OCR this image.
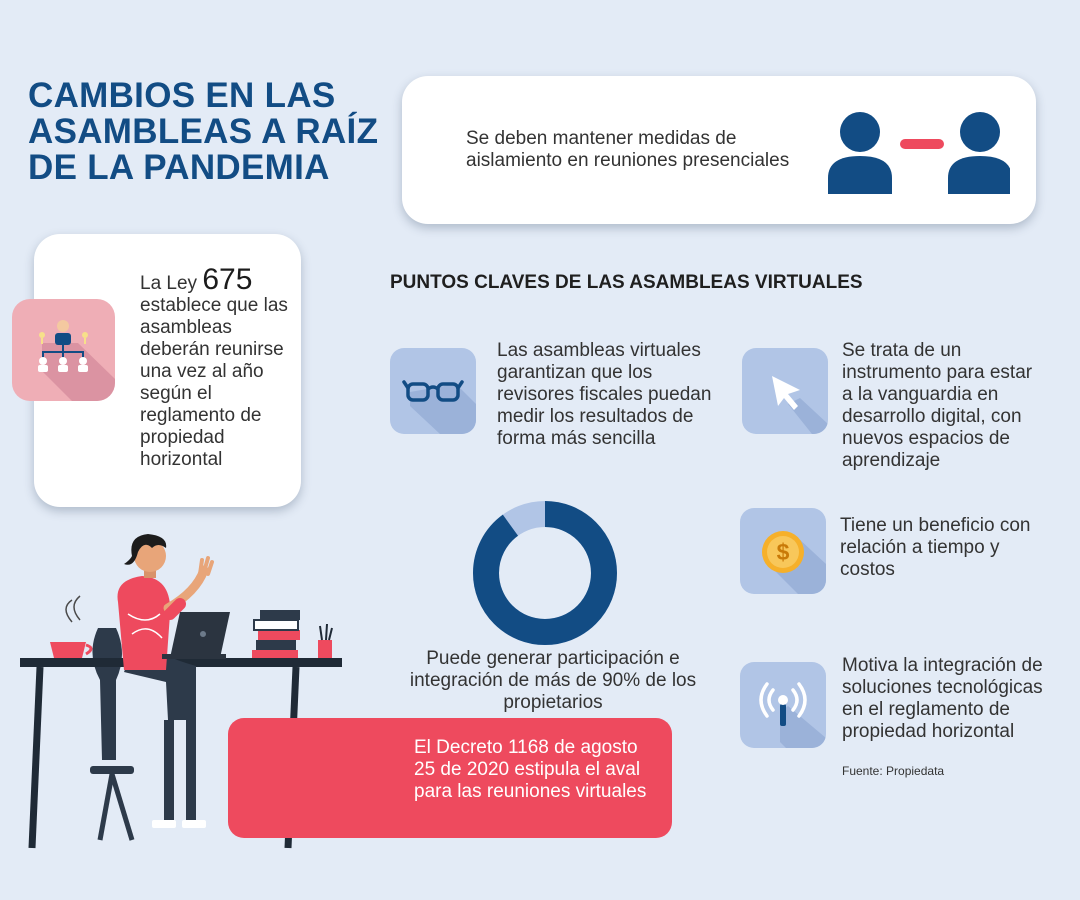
CAMBIOS EN LAS ASAMBLEAS A RAÍZ DE LA PANDEMIA
Se deben mantener medidas de aislamiento en reuniones presenciales
La Ley 675
establece que las asambleas deberán reunirse una vez al año según el reglamento de propiedad horizontal
PUNTOS CLAVES DE LAS ASAMBLEAS VIRTUALES
Las asambleas virtuales garantizan que los revisores fiscales puedan medir los resultados de forma más sencilla
Se trata de un instrumento para estar a la vanguardia en desarrollo digital, con nuevos espacios de aprendizaje
$
Tiene un beneficio con relación a tiempo y costos
Motiva la integración de soluciones tecnológicas en el reglamento de propiedad horizontal
Puede generar participación e integración de más de 90% de los propietarios
El Decreto 1168 de agosto 25 de 2020 estipula el aval para las reuniones virtuales
Fuente: Propiedata
